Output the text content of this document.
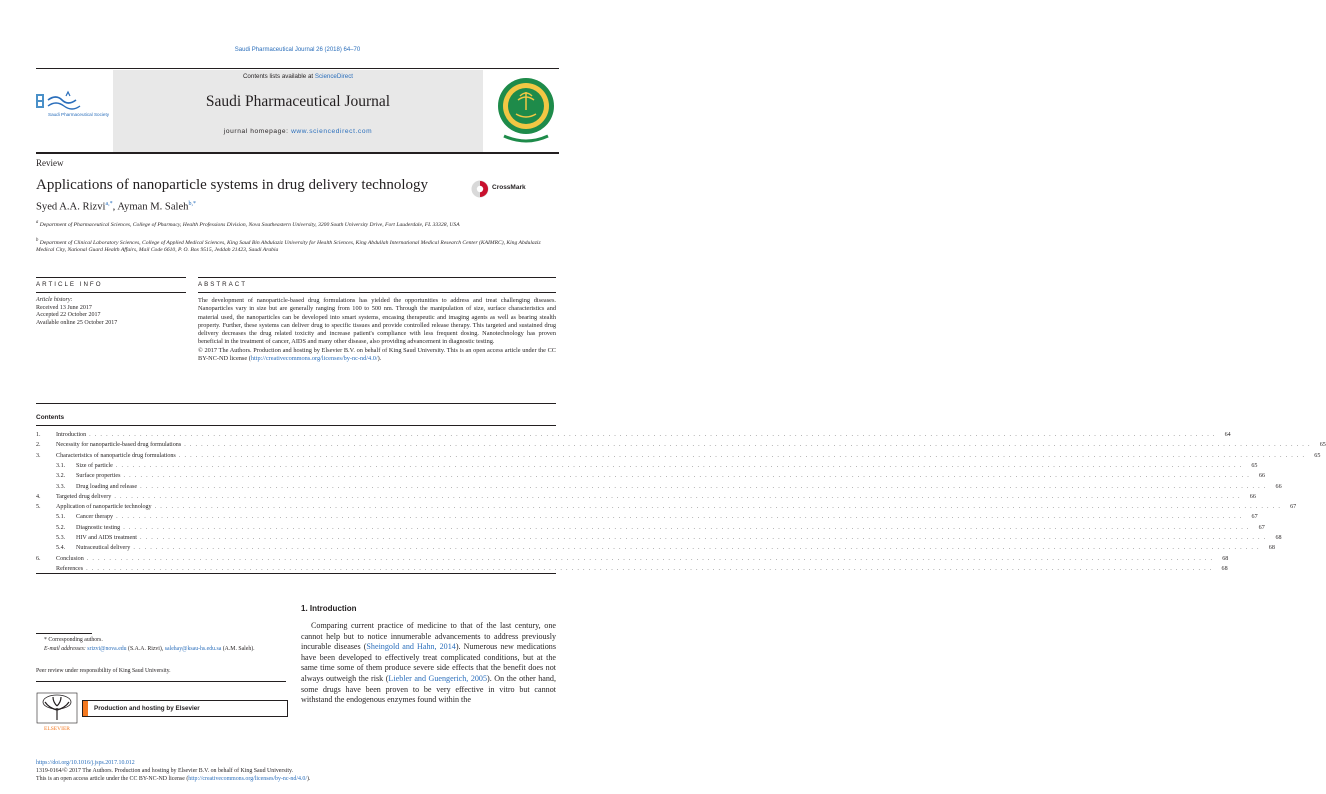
Saudi Pharmaceutical Journal 26 (2018) 64–70
Contents lists available at ScienceDirect
Saudi Pharmaceutical Journal
journal homepage: www.sciencedirect.com
Saudi Pharmaceutical Society
Review
Applications of nanoparticle systems in drug delivery technology	CrossMark
Syed A.A. Rizvi$^{a,*}$, Ayman M. Saleh$^{b,*}$
$^a$ Department of Pharmaceutical Sciences, College of Pharmacy, Health Professions Division, Nova Southeastern University, 3200 South University Drive, Fort Lauderdale, FL 33328, USA
$^b$ Department of Clinical Laboratory Sciences, College of Applied Medical Sciences, King Saud Bin Abdulaziz University for Health Sciences, King Abdullah International Medical Research Center (KAIMRC), King Abdulaziz Medical City, National Guard Health Affairs, Mail Code 6610, P. O. Box 9515, Jeddah 21423, Saudi Arabia
ARTICLE INFO	ABSTRACT
Article history:
Received 13 June 2017
Accepted 22 October 2017
Available online 25 October 2017
The development of nanoparticle-based drug formulations has yielded the opportunities to address and treat challenging diseases. Nanoparticles vary in size but are generally ranging from 100 to 500 nm. Through the manipulation of size, surface characteristics and material used, the nanoparticles can be developed into smart systems, encasing therapeutic and imaging agents as well as bearing stealth property. Further, these systems can deliver drug to specific tissues and provide controlled release therapy. This targeted and sustained drug delivery decreases the drug related toxicity and increase patient's compliance with less frequent dosing. Nanotechnology has proven beneficial in the treatment of cancer, AIDS and many other disease, also providing advancement in diagnostic testing.
© 2017 The Authors. Production and hosting by Elsevier B.V. on behalf of King Saud University. This is an open access article under the CC BY-NC-ND license (http://creativecommons.org/licenses/by-nc-nd/4.0/).
Contents
1.	Introduction . . . . . . . . . . . . . . . . . . . . . . . . . . . . . . . . . . . . . . . . . . . . . . . . . . . . . . . . . . . . . . . . . . . . . . . . . . . . . . . . . . . . . . . . . . . . . . . . . . . . . . . . . . . . . . . . . . . . . . . . . . . . . . . . . . . . . . . . . . . . . . . . . . . . . . . . . . . . . . . . . . . . . . . . . . . . . . . . . . . . . . . . . . . . . . . . . . . . . . . .	64
2.	Necessity for nanoparticle-based drug formulations . . . . . . . . . . . . . . . . . . . . . . . . . . . . . . . . . . . . . . . . . . . . . . . . . . . . . . . . . . . . . . . . . . . . . . . . . . . . . . . . . . . . . . . . . . . . . . . . . . . . . . . . . . . . . . . . . . . . . . . . . . . . . . . . . . . . . . . . . . . . . . . . . . . . . . . . . . . . . . . . . . . . . . . . . . . . . . . . . . . . . . . . . . . . . . . . . . . . . . . .	65
3.	Characteristics of nanoparticle drug formulations . . . . . . . . . . . . . . . . . . . . . . . . . . . . . . . . . . . . . . . . . . . . . . . . . . . . . . . . . . . . . . . . . . . . . . . . . . . . . . . . . . . . . . . . . . . . . . . . . . . . . . . . . . . . . . . . . . . . . . . . . . . . . . . . . . . . . . . . . . . . . . . . . . . . . . . . . . . . . . . . . . . . . . . . . . . . . . . . . . . . . . . . . . . . . . . . . . . . . . . .	65
3.1.	Size of particle . . . . . . . . . . . . . . . . . . . . . . . . . . . . . . . . . . . . . . . . . . . . . . . . . . . . . . . . . . . . . . . . . . . . . . . . . . . . . . . . . . . . . . . . . . . . . . . . . . . . . . . . . . . . . . . . . . . . . . . . . . . . . . . . . . . . . . . . . . . . . . . . . . . . . . . . . . . . . . . . . . . . . . . . . . . . . . . . . . . . . . . . . . . . . . . . . . . . . . . .	65
3.2.	Surface properties . . . . . . . . . . . . . . . . . . . . . . . . . . . . . . . . . . . . . . . . . . . . . . . . . . . . . . . . . . . . . . . . . . . . . . . . . . . . . . . . . . . . . . . . . . . . . . . . . . . . . . . . . . . . . . . . . . . . . . . . . . . . . . . . . . . . . . . . . . . . . . . . . . . . . . . . . . . . . . . . . . . . . . . . . . . . . . . . . . . . . . . . . . . . . . . . . . . . . . . .	66
3.3.	Drug loading and release . . . . . . . . . . . . . . . . . . . . . . . . . . . . . . . . . . . . . . . . . . . . . . . . . . . . . . . . . . . . . . . . . . . . . . . . . . . . . . . . . . . . . . . . . . . . . . . . . . . . . . . . . . . . . . . . . . . . . . . . . . . . . . . . . . . . . . . . . . . . . . . . . . . . . . . . . . . . . . . . . . . . . . . . . . . . . . . . . . . . . . . . . . . . . . . . . . . . . . . .	66
4.	Targeted drug delivery . . . . . . . . . . . . . . . . . . . . . . . . . . . . . . . . . . . . . . . . . . . . . . . . . . . . . . . . . . . . . . . . . . . . . . . . . . . . . . . . . . . . . . . . . . . . . . . . . . . . . . . . . . . . . . . . . . . . . . . . . . . . . . . . . . . . . . . . . . . . . . . . . . . . . . . . . . . . . . . . . . . . . . . . . . . . . . . . . . . . . . . . . . . . . . . . . . . . . . . .	66
5.	Application of nanoparticle technology . . . . . . . . . . . . . . . . . . . . . . . . . . . . . . . . . . . . . . . . . . . . . . . . . . . . . . . . . . . . . . . . . . . . . . . . . . . . . . . . . . . . . . . . . . . . . . . . . . . . . . . . . . . . . . . . . . . . . . . . . . . . . . . . . . . . . . . . . . . . . . . . . . . . . . . . . . . . . . . . . . . . . . . . . . . . . . . . . . . . . . . . . . . . . . . . . . . . . . . .	67
5.1.	Cancer therapy . . . . . . . . . . . . . . . . . . . . . . . . . . . . . . . . . . . . . . . . . . . . . . . . . . . . . . . . . . . . . . . . . . . . . . . . . . . . . . . . . . . . . . . . . . . . . . . . . . . . . . . . . . . . . . . . . . . . . . . . . . . . . . . . . . . . . . . . . . . . . . . . . . . . . . . . . . . . . . . . . . . . . . . . . . . . . . . . . . . . . . . . . . . . . . . . . . . . . . . .	67
5.2.	Diagnostic testing . . . . . . . . . . . . . . . . . . . . . . . . . . . . . . . . . . . . . . . . . . . . . . . . . . . . . . . . . . . . . . . . . . . . . . . . . . . . . . . . . . . . . . . . . . . . . . . . . . . . . . . . . . . . . . . . . . . . . . . . . . . . . . . . . . . . . . . . . . . . . . . . . . . . . . . . . . . . . . . . . . . . . . . . . . . . . . . . . . . . . . . . . . . . . . . . . . . . . . . .	67
5.3.	HIV and AIDS treatment . . . . . . . . . . . . . . . . . . . . . . . . . . . . . . . . . . . . . . . . . . . . . . . . . . . . . . . . . . . . . . . . . . . . . . . . . . . . . . . . . . . . . . . . . . . . . . . . . . . . . . . . . . . . . . . . . . . . . . . . . . . . . . . . . . . . . . . . . . . . . . . . . . . . . . . . . . . . . . . . . . . . . . . . . . . . . . . . . . . . . . . . . . . . . . . . . . . . . . . .	68
5.4.	Nutraceutical delivery . . . . . . . . . . . . . . . . . . . . . . . . . . . . . . . . . . . . . . . . . . . . . . . . . . . . . . . . . . . . . . . . . . . . . . . . . . . . . . . . . . . . . . . . . . . . . . . . . . . . . . . . . . . . . . . . . . . . . . . . . . . . . . . . . . . . . . . . . . . . . . . . . . . . . . . . . . . . . . . . . . . . . . . . . . . . . . . . . . . . . . . . . . . . . . . . . . . . . . . .	68
6.	Conclusion . . . . . . . . . . . . . . . . . . . . . . . . . . . . . . . . . . . . . . . . . . . . . . . . . . . . . . . . . . . . . . . . . . . . . . . . . . . . . . . . . . . . . . . . . . . . . . . . . . . . . . . . . . . . . . . . . . . . . . . . . . . . . . . . . . . . . . . . . . . . . . . . . . . . . . . . . . . . . . . . . . . . . . . . . . . . . . . . . . . . . . . . . . . . . . . . . . . . . . . .	68
References . . . . . . . . . . . . . . . . . . . . . . . . . . . . . . . . . . . . . . . . . . . . . . . . . . . . . . . . . . . . . . . . . . . . . . . . . . . . . . . . . . . . . . . . . . . . . . . . . . . . . . . . . . . . . . . . . . . . . . . . . . . . . . . . . . . . . . . . . . . . . . . . . . . . . . . . . . . . . . . . . . . . . . . . . . . . . . . . . . . . . . . . . . . . . . . . . . . . . . . .	68
1. Introduction
Comparing current practice of medicine to that of the last century, one cannot help but to notice innumerable advancements to address previously incurable diseases (Sheingold and Hahn, 2014). Numerous new medications have been developed to effectively treat complicated conditions, but at the same time some of them produce severe side effects that the benefit does not always outweigh the risk (Liebler and Guengerich, 2005). On the other hand, some drugs have been proven to be very effective in vitro but cannot withstand the endogenous enzymes found within the
* Corresponding authors.
E-mail addresses: srizvi@nova.edu (S.A.A. Rizvi), salehay@ksau-hs.edu.sa (A.M. Saleh).
Peer review under responsibility of King Saud University.
ELSEVIER
Production and hosting by Elsevier
https://doi.org/10.1016/j.jsps.2017.10.012
1319-0164/© 2017 The Authors. Production and hosting by Elsevier B.V. on behalf of King Saud University.
This is an open access article under the CC BY-NC-ND license (http://creativecommons.org/licenses/by-nc-nd/4.0/).
